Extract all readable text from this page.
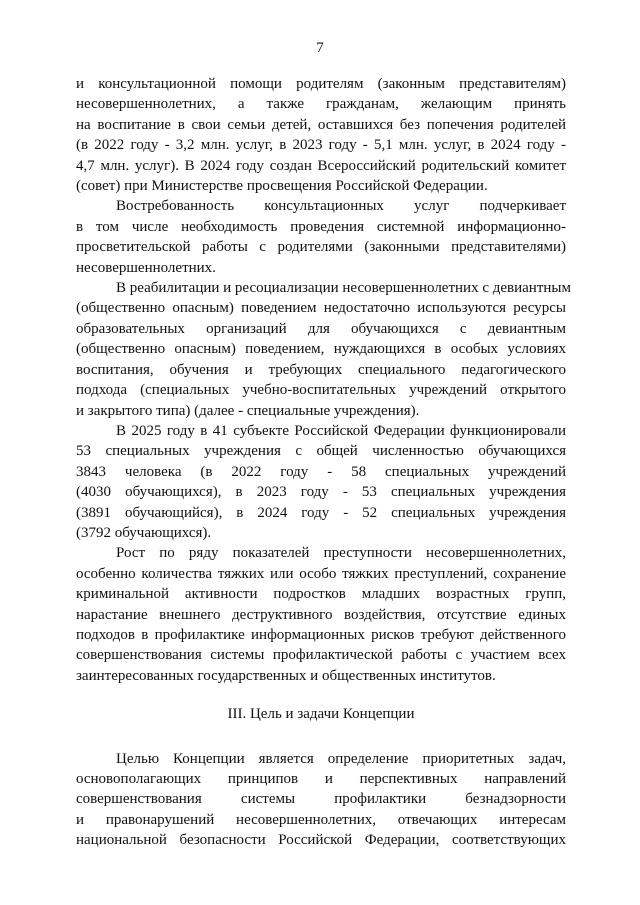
7

и консультационной помощи родителям (законным представителям)
несовершеннолетних, а также гражданам, желающим принять
на воспитание в свои семьи детей, оставшихся без попечения родителей
(в 2022 году - 3,2 млн. услуг, в 2023 году - 5,1 млн. услуг, в 2024 году -
4,7 млн. услуг). В 2024 году создан Всероссийский родительский комитет
(совет) при Министерстве просвещения Российской Федерации.

Востребованность консультационных услуг подчеркивает
в том числе необходимость проведения системной информационно-
просветительской работы с родителями (законными представителями)
несовершеннолетних.

В реабилитации и ресоциализации несовершеннолетних с девиантным
(общественно опасным) поведением недостаточно используются ресурсы
образовательных организаций для обучающихся с девиантным
(общественно опасным) поведением, нуждающихся в особых условиях
воспитания, обучения и требующих специального педагогического
подхода (специальных учебно-воспитательных учреждений открытого
и закрытого типа) (далее - специальные учреждения).

В 2025 году в 41 субъекте Российской Федерации функционировали
53 специальных учреждения с общей численностью обучающихся
3843 человека (в 2022 году - 58 специальных учреждений
(4030 обучающихся), в 2023 году - 53 специальных учреждения
(3891 обучающийся), в 2024 году - 52 специальных учреждения
(3792 обучающихся).

Рост по ряду показателей преступности несовершеннолетних,
особенно количества тяжких или особо тяжких преступлений, сохранение
криминальной активности подростков младших возрастных групп,
нарастание внешнего деструктивного воздействия, отсутствие единых
подходов в профилактике информационных рисков требуют действенного
совершенствования системы профилактической работы с участием всех
заинтересованных государственных и общественных институтов.

III. Цель и задачи Концепции

Целью Концепции является определение приоритетных задач,
основополагающих принципов и перспективных направлений
совершенствования системы профилактики безнадзорности
и правонарушений несовершеннолетних, отвечающих интересам
национальной безопасности Российской Федерации, соответствующих
